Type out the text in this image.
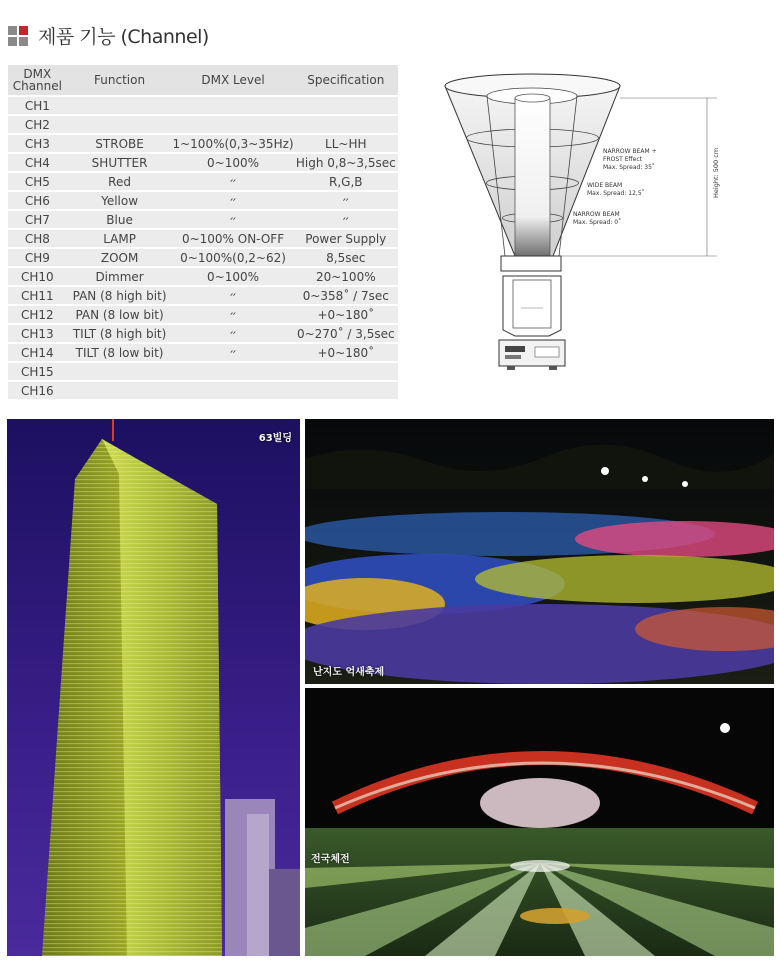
제품 기능 (Channel)
DMX
Channel	Function	DMX Level	Specification
CH1			
CH2			
CH3	STROBE	1~100%(0,3~35Hz)	LL~HH
CH4	SHUTTER	0~100%	High 0,8~3,5sec
CH5	Red	״	R,G,B
CH6	Yellow	״	״
CH7	Blue	״	״
CH8	LAMP	0~100% ON-OFF	Power Supply
CH9	ZOOM	0~100%(0,2~62)	8,5sec
CH10	Dimmer	0~100%	20~100%
CH11	PAN (8 high bit)	״	0~358˚ / 7sec
CH12	PAN (8 low bit)	״	+0~180˚
CH13	TILT (8 high bit)	״	0~270˚ / 3,5sec
CH14	TILT (8 low bit)	״	+0~180˚
CH15			
CH16			
Height: 500 cm
NARROW BEAM +
FROST Effect
Max. Spread: 35˚
WIDE BEAM
Max. Spread: 12,5˚
NARROW BEAM
Max. Spread: 0˚
63빌딩
난지도 억새축제
전국체전
